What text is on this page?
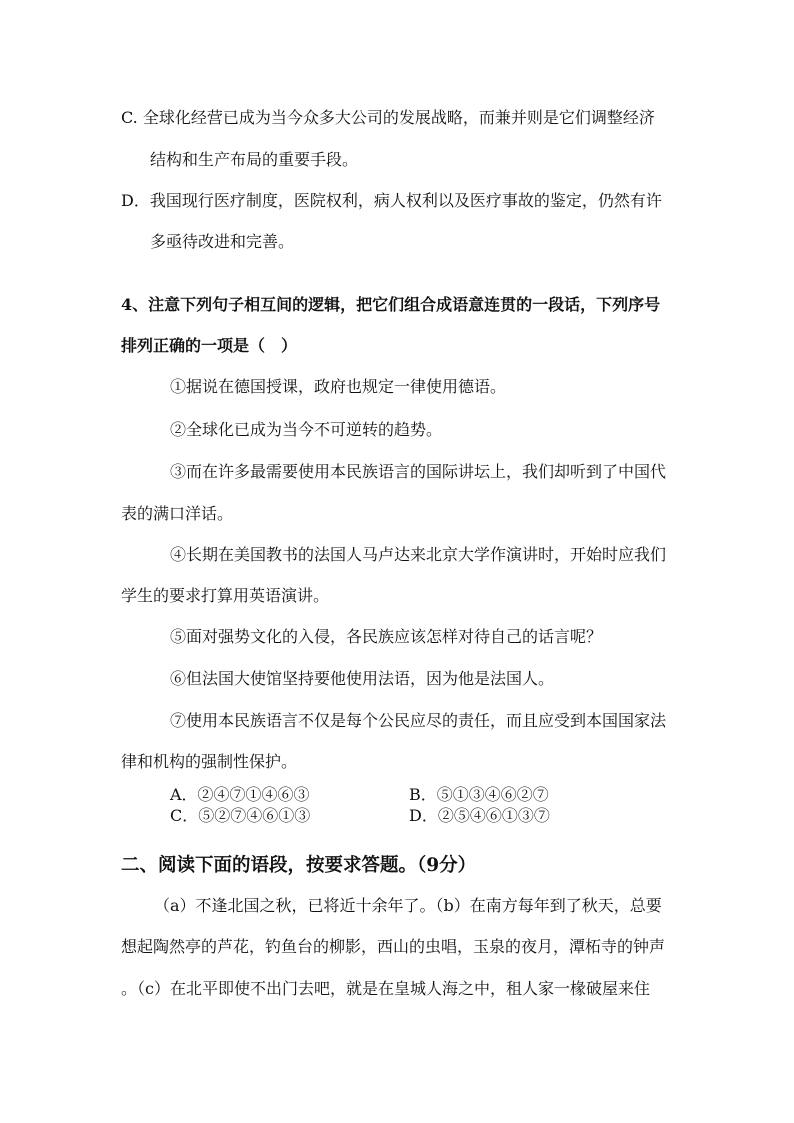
C. 全球化经营已成为当今众多大公司的发展战略，而兼并则是它们调整经济
结构和生产布局的重要手段。
D．我国现行医疗制度，医院权利，病人权利以及医疗事故的鉴定，仍然有许
多亟待改进和完善。
4、注意下列句子相互间的逻辑，把它们组合成语意连贯的一段话，下列序号
排列正确的一项是（　）
①据说在德国授课，政府也规定一律使用德语。
②全球化已成为当今不可逆转的趋势。
③而在许多最需要使用本民族语言的国际讲坛上，我们却听到了中国代
表的满口洋话。
④长期在美国教书的法国人马卢达来北京大学作演讲时，开始时应我们
学生的要求打算用英语演讲。
⑤面对强势文化的入侵，各民族应该怎样对待自己的话言呢？
⑥但法国大使馆坚持要他使用法语，因为他是法国人。
⑦使用本民族语言不仅是每个公民应尽的责任，而且应受到本国国家法
律和机构的强制性保护。
A．②④⑦①④⑥③	B．⑤①③④⑥②⑦
C．⑤②⑦④⑥①③	D．②⑤④⑥①③⑦
二、阅读下面的语段，按要求答题。（9分）
（a）不逢北国之秋，已将近十余年了。（b）在南方每年到了秋天，总要
想起陶然亭的芦花，钓鱼台的柳影，西山的虫唱，玉泉的夜月，潭柘寺的钟声
。（c）在北平即使不出门去吧，就是在皇城人海之中，租人家一椽破屋来住
